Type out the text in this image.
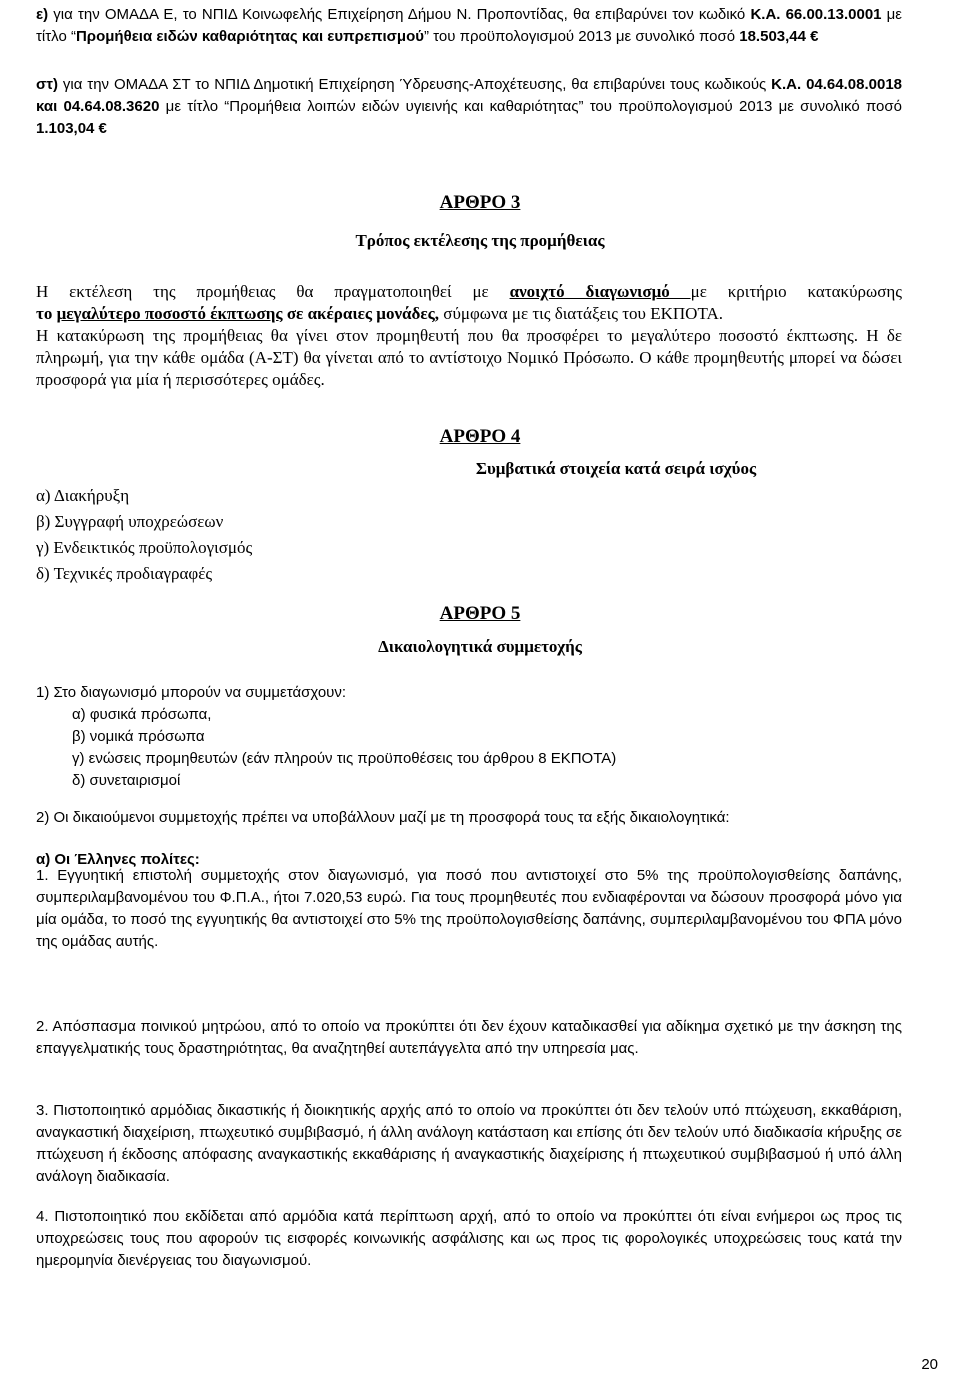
ε) για την ΟΜΑΔΑ Ε, το ΝΠΙΔ Κοινωφελής Επιχείρηση Δήμου Ν. Προποντίδας, θα επιβαρύνει τον κωδικό Κ.Α. 66.00.13.0001 με τίτλο “Προμήθεια ειδών καθαριότητας και ευπρεπισμού” του προϋπολογισμού 2013 με συνολικό ποσό 18.503,44 €
στ) για την ΟΜΑΔΑ ΣΤ το ΝΠΙΔ Δημοτική Επιχείρηση Ύδρευσης-Αποχέτευσης, θα επιβαρύνει τους κωδικούς Κ.Α. 04.64.08.0018 και 04.64.08.3620 με τίτλο “Προμήθεια λοιπών ειδών υγιεινής και καθαριότητας” του προϋπολογισμού 2013 με συνολικό ποσό 1.103,04 €
ΑΡΘΡΟ 3
Τρόπος εκτέλεσης της προμήθειας

Η εκτέλεση της προμήθειας θα πραγματοποιηθεί με ανοιχτό διαγωνισμό με κριτήριο κατακύρωσης

το μεγαλύτερο ποσοστό έκπτωσης σε ακέραιες μονάδες, σύμφωνα με τις διατάξεις του ΕΚΠΟΤΑ.

Η κατακύρωση της προμήθειας θα γίνει στον προμηθευτή που θα προσφέρει το μεγαλύτερο ποσοστό έκπτωσης. Η δε πληρωμή, για την κάθε ομάδα (Α-ΣΤ) θα γίνεται από το αντίστοιχο Νομικό Πρόσωπο. Ο κάθε προμηθευτής μπορεί να δώσει προσφορά για μία ή περισσότερες ομάδες.

ΑΡΘΡΟ 4
Συμβατικά στοιχεία κατά σειρά ισχύος

α) Διακήρυξη

β) Συγγραφή υποχρεώσεων

γ) Ενδεικτικός προϋπολογισμός

δ) Τεχνικές προδιαγραφές

ΑΡΘΡΟ 5
Δικαιολογητικά συμμετοχής

1) Στο διαγωνισμό μπορούν να συμμετάσχουν:

α) φυσικά πρόσωπα,

β) νομικά πρόσωπα

γ) ενώσεις προμηθευτών (εάν πληρούν τις προϋποθέσεις του άρθρου 8 ΕΚΠΟΤΑ)

δ) συνεταιρισμοί

2) Οι δικαιούμενοι συμμετοχής πρέπει να υποβάλλουν μαζί με τη προσφορά τους τα εξής δικαιολογητικά:
α) Οι Έλληνες πολίτες:
1. Εγγυητική επιστολή συμμετοχής στον διαγωνισμό, για ποσό που αντιστοιχεί στο 5% της προϋπολογισθείσης δαπάνης, συμπεριλαμβανομένου του Φ.Π.Α., ήτοι 7.020,53 ευρώ. Για τους προμηθευτές που ενδιαφέρονται να δώσουν προσφορά μόνο για μία ομάδα, το ποσό της εγγυητικής θα αντιστοιχεί στο 5% της προϋπολογισθείσης δαπάνης, συμπεριλαμβανομένου του ΦΠΑ μόνο της ομάδας αυτής.
2. Απόσπασμα ποινικού μητρώου, από το οποίο να προκύπτει ότι δεν έχουν καταδικασθεί για αδίκημα σχετικό με την άσκηση της επαγγελματικής τους δραστηριότητας, θα αναζητηθεί αυτεπάγγελτα από την υπηρεσία μας.
3. Πιστοποιητικό αρμόδιας δικαστικής ή διοικητικής αρχής από το οποίο να προκύπτει ότι δεν τελούν υπό πτώχευση, εκκαθάριση, αναγκαστική διαχείριση, πτωχευτικό συμβιβασμό, ή άλλη ανάλογη κατάσταση και επίσης ότι δεν τελούν υπό διαδικασία κήρυξης σε πτώχευση ή έκδοσης απόφασης αναγκαστικής εκκαθάρισης ή αναγκαστικής διαχείρισης ή πτωχευτικού συμβιβασμού ή υπό άλλη ανάλογη διαδικασία.
4. Πιστοποιητικό που εκδίδεται από αρμόδια κατά περίπτωση αρχή, από το οποίο να προκύπτει ότι είναι ενήμεροι ως προς τις υποχρεώσεις τους που αφορούν τις εισφορές κοινωνικής ασφάλισης και ως προς τις φορολογικές υποχρεώσεις τους κατά την ημερομηνία διενέργειας του διαγωνισμού.
20
